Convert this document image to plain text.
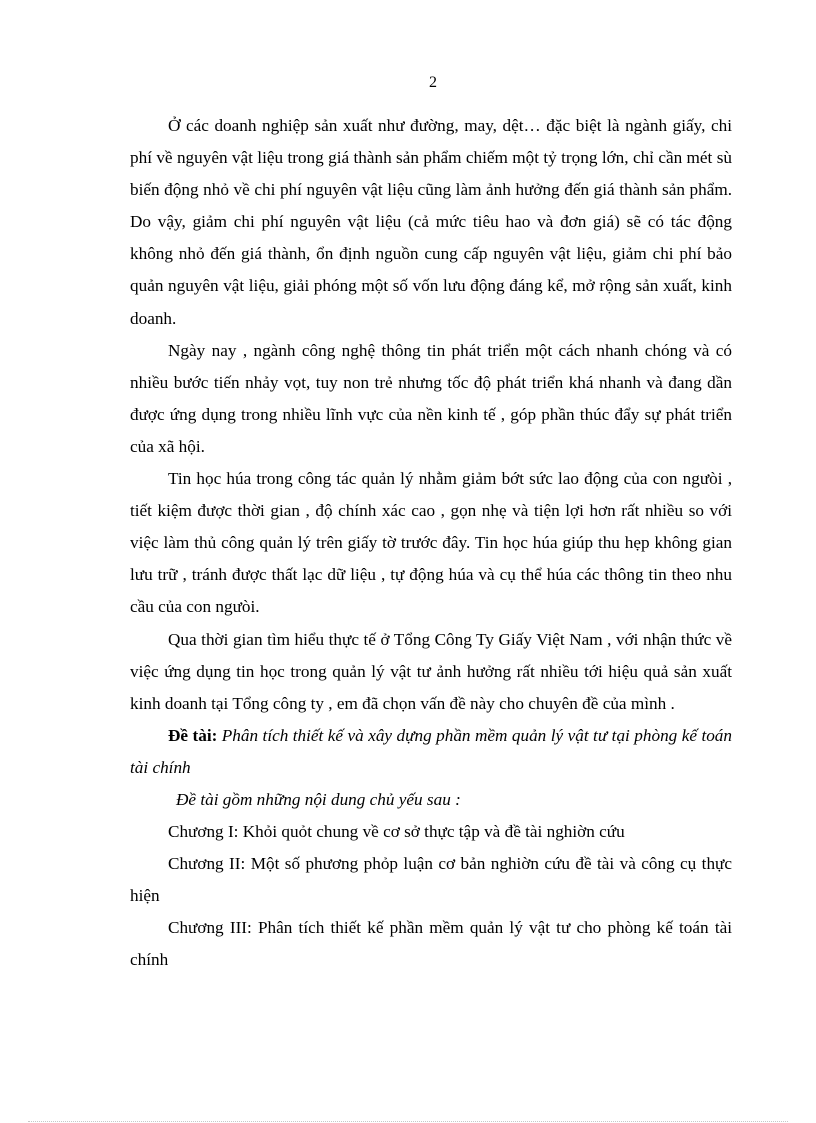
2

Ở các doanh nghiệp sản xuất như đường, may, dệt… đặc biệt là ngành giấy, chi phí về nguyên vật liệu trong giá thành sản phẩm chiếm một tỷ trọng lớn, chỉ cần mét sù biến động nhỏ về chi phí nguyên vật liệu cũng làm ảnh hưởng đến giá thành sản phẩm. Do vậy, giảm chi phí nguyên vật liệu (cả mức tiêu hao và đơn giá) sẽ có tác động không nhỏ đến giá thành, ổn định nguồn cung cấp nguyên vật liệu, giảm chi phí bảo quản nguyên vật liệu, giải phóng một số vốn lưu động đáng kể, mở rộng sản xuất, kinh doanh.

Ngày nay , ngành công nghệ thông tin phát triển một cách nhanh chóng và có nhiều bước tiến nhảy vọt, tuy non trẻ nhưng tốc độ phát triển khá nhanh và đang dần được ứng dụng trong nhiều lĩnh vực của nền kinh tế , góp phần thúc đẩy sự phát triển của xã hội.

Tin học húa trong công tác quản lý nhằm giảm bớt sức lao động của con ngưòi , tiết kiệm được thời gian , độ chính xác cao , gọn nhẹ và tiện lợi hơn rất nhiều so với việc làm thủ công quản lý trên giấy tờ trước đây. Tin học húa giúp thu hẹp không gian lưu trữ , tránh được thất lạc dữ liệu , tự động húa và cụ thể húa các thông tin theo nhu cầu của con ngưòi.

Qua thời gian tìm hiểu thực tế ở Tổng Công Ty Giấy Việt Nam , với nhận thức về việc ứng dụng tin học trong quản lý vật tư ảnh hưởng rất nhiều tới hiệu quả sản xuất kinh doanh tại Tổng công ty , em đã chọn vấn đề này cho chuyên đề của mình .

Đề tài: Phân tích thiết kế và xây dựng phần mềm quản lý vật tư tại phòng kế toán tài chính

Đề tài gồm những nội dung chủ yếu sau :

Chương I: Khỏi quỏt chung về cơ sở thực tập và đề tài nghiờn cứu

Chương II: Một số phương phỏp luận cơ bản nghiờn cứu đề tài và công cụ thực hiện

Chương III: Phân tích thiết kế phần mềm quản lý vật tư cho phòng kế toán tài chính
